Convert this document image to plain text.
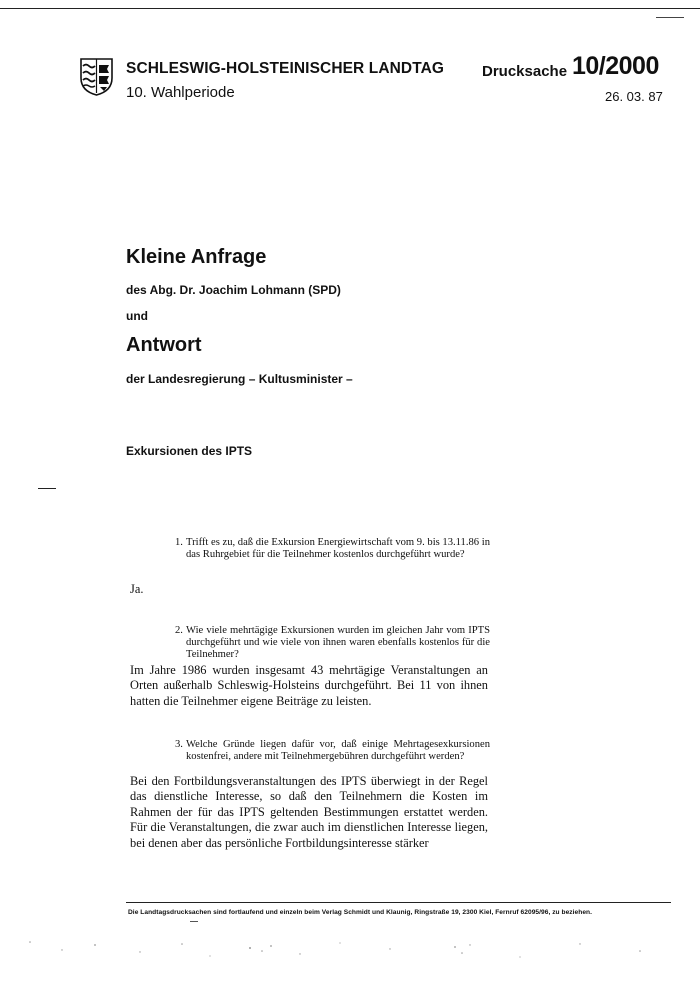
SCHLESWIG-HOLSTEINISCHER LANDTAG
10. Wahlperiode
Drucksache 10/2000
26. 03. 87
Kleine Anfrage
des Abg. Dr. Joachim Lohmann (SPD)
und
Antwort
der Landesregierung – Kultusminister –
Exkursionen des IPTS
1. Trifft es zu, daß die Exkursion Energiewirtschaft vom 9. bis 13.11.86 in das Ruhrgebiet für die Teilnehmer kostenlos durchgeführt wurde?
Ja.
2. Wie viele mehrtägige Exkursionen wurden im gleichen Jahr vom IPTS durchgeführt und wie viele von ihnen waren ebenfalls kostenlos für die Teilnehmer?
Im Jahre 1986 wurden insgesamt 43 mehrtägige Veranstaltungen an Orten außerhalb Schleswig-Holsteins durchgeführt. Bei 11 von ihnen hatten die Teilnehmer eigene Beiträge zu leisten.
3. Welche Gründe liegen dafür vor, daß einige Mehrtagesexkursionen kostenfrei, andere mit Teilnehmergebühren durchgeführt werden?
Bei den Fortbildungsveranstaltungen des IPTS überwiegt in der Regel das dienstliche Interesse, so daß den Teilnehmern die Kosten im Rahmen der für das IPTS geltenden Bestimmungen erstattet werden. Für die Veranstaltungen, die zwar auch im dienstlichen Interesse liegen, bei denen aber das persönliche Fortbildungsinteresse stärker
Die Landtagsdrucksachen sind fortlaufend und einzeln beim Verlag Schmidt und Klaunig, Ringstraße 19, 2300 Kiel, Fernruf 62095/96, zu beziehen.
